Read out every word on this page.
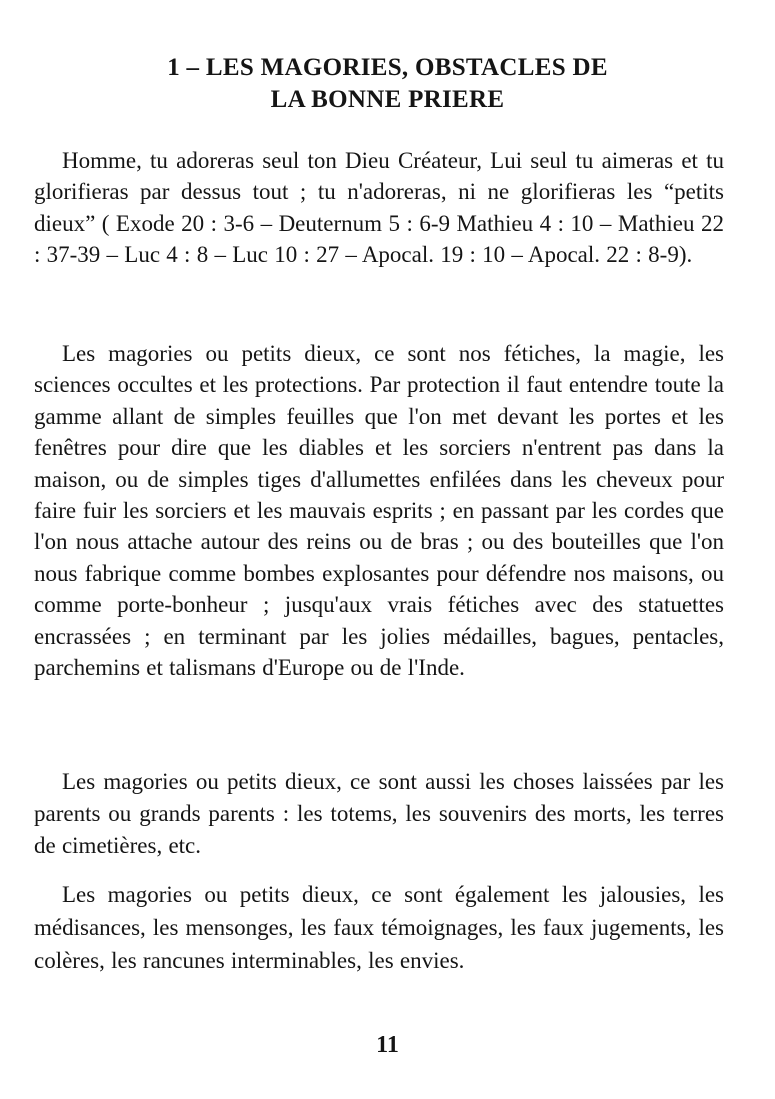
1 – LES MAGORIES, OBSTACLES DE
LA BONNE PRIERE

Homme, tu adoreras seul ton Dieu Créateur, Lui seul tu aimeras et tu glorifieras par dessus tout ; tu n'adoreras, ni ne glorifieras les “petits dieux” ( Exode 20 : 3-6 – Deuternum 5 : 6-9 Mathieu 4 : 10 – Mathieu 22 : 37-39 – Luc 4 : 8 – Luc 10 : 27 – Apocal. 19 : 10 – Apocal. 22 : 8-9).

Les magories ou petits dieux, ce sont nos fétiches, la magie, les sciences occultes et les protections. Par protection il faut entendre toute la gamme allant de simples feuilles que l'on met devant les portes et les fenêtres pour dire que les diables et les sorciers n'entrent pas dans la maison, ou de simples tiges d'allumettes enfilées dans les cheveux pour faire fuir les sorciers et les mauvais esprits ; en passant par les cordes que l'on nous attache autour des reins ou de bras ; ou des bouteilles que l'on nous fabrique comme bombes explosantes pour défendre nos maisons, ou comme porte-bonheur ; jusqu'aux vrais fétiches avec des statuettes encrassées ; en terminant par les jolies médailles, bagues, pentacles, parchemins et talismans d'Europe ou de l'Inde.

Les magories ou petits dieux, ce sont aussi les choses laissées par les parents ou grands parents : les totems, les souvenirs des morts, les terres de cimetières, etc.

Les magories ou petits dieux, ce sont également les jalousies, les médisances, les mensonges, les faux témoignages, les faux jugements, les colères, les rancunes interminables, les envies.

11
